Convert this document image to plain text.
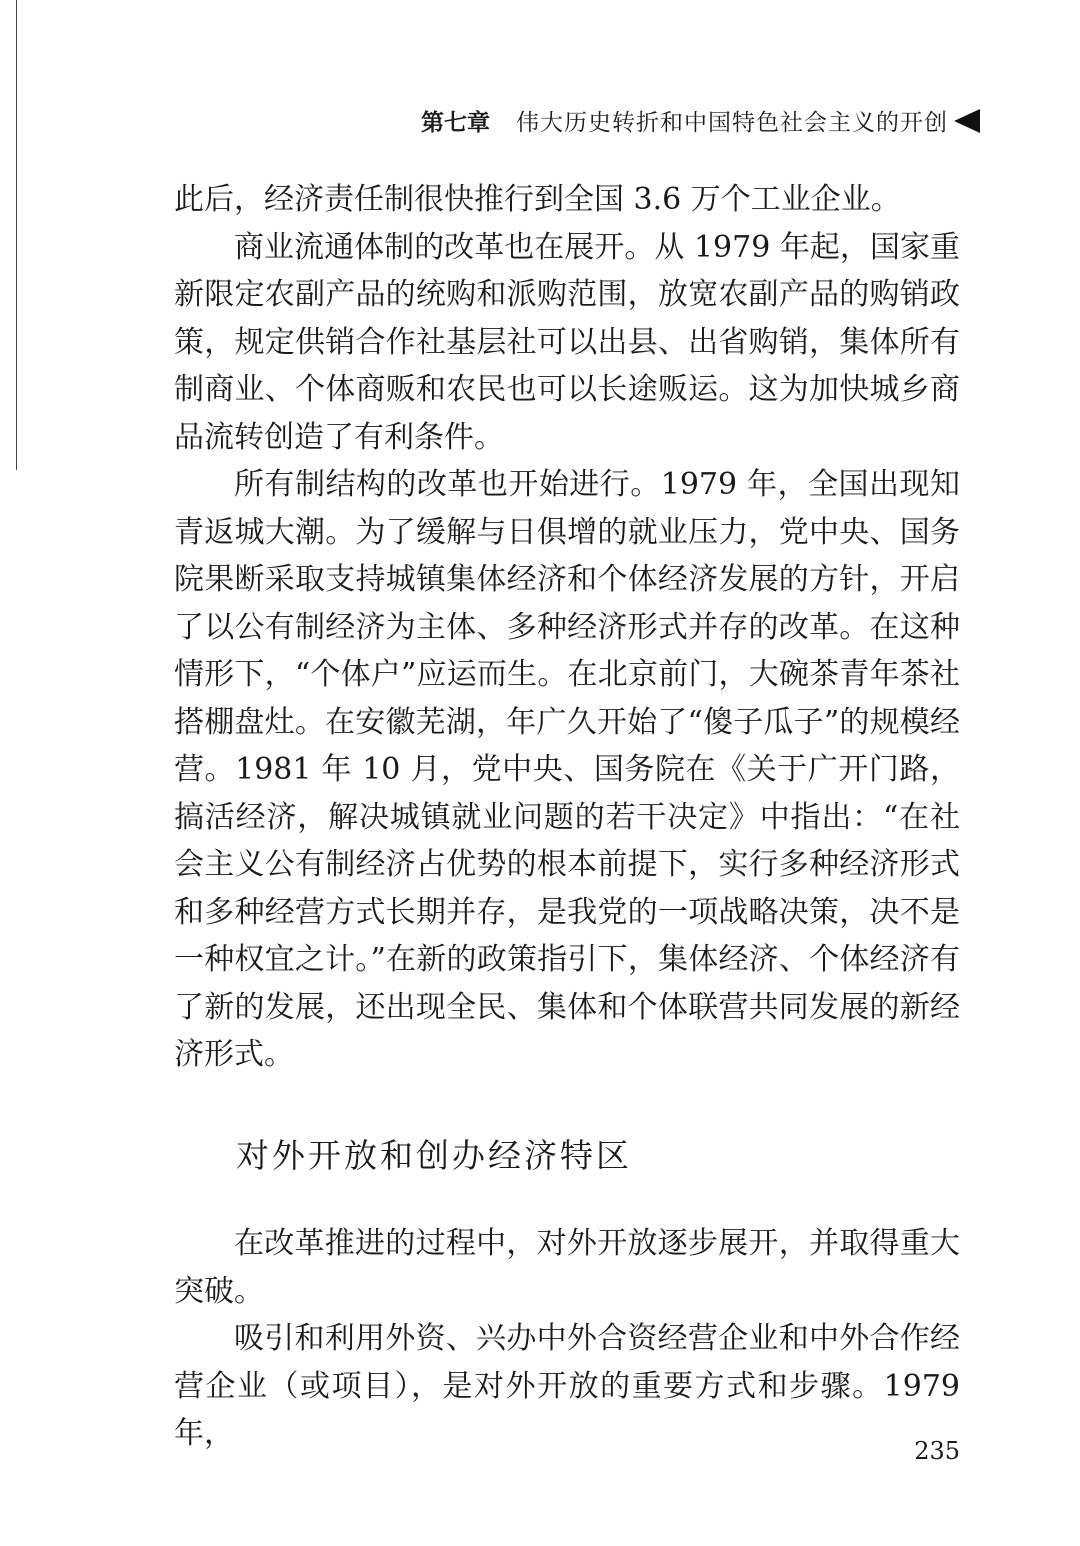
第七章 伟大历史转折和中国特色社会主义的开创

此后，经济责任制很快推行到全国 3.6 万个工业企业。

商业流通体制的改革也在展开。从 1979 年起，国家重新限定农副产品的统购和派购范围，放宽农副产品的购销政策，规定供销合作社基层社可以出县、出省购销，集体所有制商业、个体商贩和农民也可以长途贩运。这为加快城乡商品流转创造了有利条件。

所有制结构的改革也开始进行。1979 年，全国出现知青返城大潮。为了缓解与日俱增的就业压力，党中央、国务院果断采取支持城镇集体经济和个体经济发展的方针，开启了以公有制经济为主体、多种经济形式并存的改革。在这种情形下，“个体户”应运而生。在北京前门，大碗茶青年茶社搭棚盘灶。在安徽芜湖，年广久开始了“傻子瓜子”的规模经营。1981 年 10 月，党中央、国务院在《关于广开门路，搞活经济，解决城镇就业问题的若干决定》中指出：“在社会主义公有制经济占优势的根本前提下，实行多种经济形式和多种经营方式长期并存，是我党的一项战略决策，决不是一种权宜之计。”在新的政策指引下，集体经济、个体经济有了新的发展，还出现全民、集体和个体联营共同发展的新经济形式。

对外开放和创办经济特区

在改革推进的过程中，对外开放逐步展开，并取得重大突破。

吸引和利用外资、兴办中外合资经营企业和中外合作经营企业（或项目），是对外开放的重要方式和步骤。1979 年，	235
